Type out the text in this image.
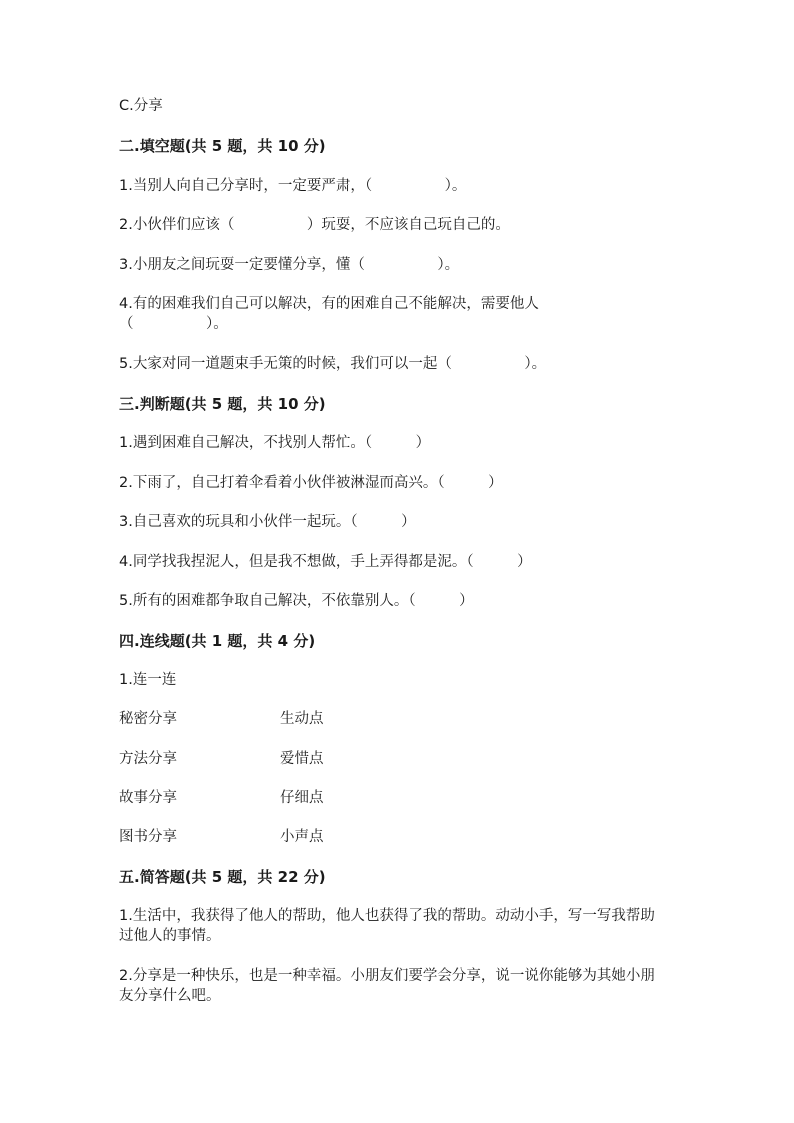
C.分享
二.填空题(共 5 题，共 10 分)
1.当别人向自己分享时，一定要严肃，（　　　　　）。
2.小伙伴们应该（　　　　　）玩耍，不应该自己玩自己的。
3.小朋友之间玩耍一定要懂分享，懂（　　　　　）。
4.有的困难我们自己可以解决，有的困难自己不能解决，需要他人
（　　　　　）。
5.大家对同一道题束手无策的时候，我们可以一起（　　　　　）。
三.判断题(共 5 题，共 10 分)
1.遇到困难自己解决，不找别人帮忙。（　　　）
2.下雨了，自己打着伞看着小伙伴被淋湿而高兴。（　　　）
3.自己喜欢的玩具和小伙伴一起玩。（　　　）
4.同学找我捏泥人，但是我不想做，手上弄得都是泥。（　　　）
5.所有的困难都争取自己解决，不依靠别人。（　　　）
四.连线题(共 1 题，共 4 分)
1.连一连
秘密分享	生动点
方法分享	爱惜点
故事分享	仔细点
图书分享	小声点
五.简答题(共 5 题，共 22 分)
1.生活中，我获得了他人的帮助，他人也获得了我的帮助。动动小手，写一写我帮助过他人的事情。
2.分享是一种快乐，也是一种幸福。小朋友们要学会分享，说一说你能够为其她小朋友分享什么吧。
